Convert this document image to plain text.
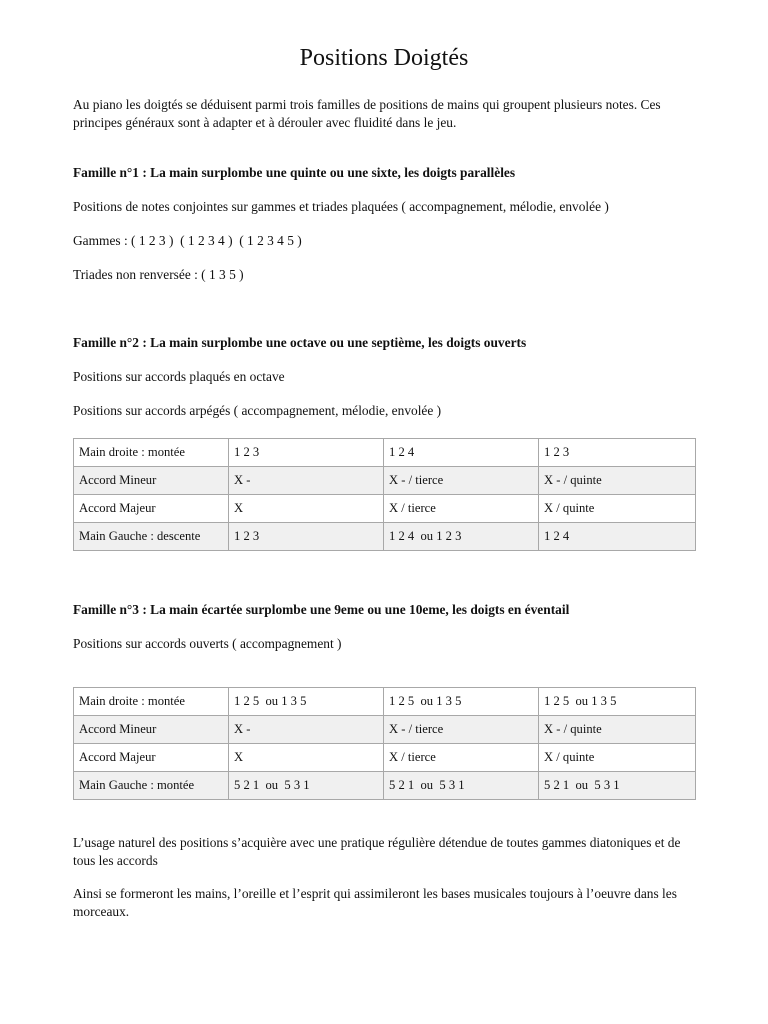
Positions Doigtés

Au piano les doigtés se déduisent parmi trois familles de positions de mains qui groupent plusieurs notes. Ces principes généraux sont à adapter et à dérouler avec fluidité dans le jeu.

Famille n°1 : La main surplombe une quinte ou une sixte, les doigts parallèles

Positions de notes conjointes sur gammes et triades plaquées ( accompagnement, mélodie, envolée )

Gammes : ( 1 2 3 )  ( 1 2 3 4 )  ( 1 2 3 4 5 )

Triades non renversée : ( 1 3 5 )

Famille n°2 : La main surplombe une octave ou une septième, les doigts ouverts

Positions sur accords plaqués en octave

Positions sur accords arpégés ( accompagnement, mélodie, envolée )

Main droite : montée	1 2 3	1 2 4	1 2 3
Accord Mineur	X -	X - / tierce	X - / quinte
Accord Majeur	X	X / tierce	X / quinte
Main Gauche : descente	1 2 3	1 2 4  ou 1 2 3	1 2 4

Famille n°3 : La main écartée surplombe une 9eme ou une 10eme, les doigts en éventail

Positions sur accords ouverts ( accompagnement )

Main droite : montée	1 2 5  ou 1 3 5	1 2 5  ou 1 3 5	1 2 5  ou 1 3 5
Accord Mineur	X -	X - / tierce	X - / quinte
Accord Majeur	X	X / tierce	X / quinte
Main Gauche : montée	5 2 1  ou  5 3 1	5 2 1  ou  5 3 1	5 2 1  ou  5 3 1

L’usage naturel des positions s’acquière avec une pratique régulière détendue de toutes gammes diatoniques et de tous les accords

Ainsi se formeront les mains, l’oreille et l’esprit qui assimileront les bases musicales toujours à l’oeuvre dans les morceaux.
